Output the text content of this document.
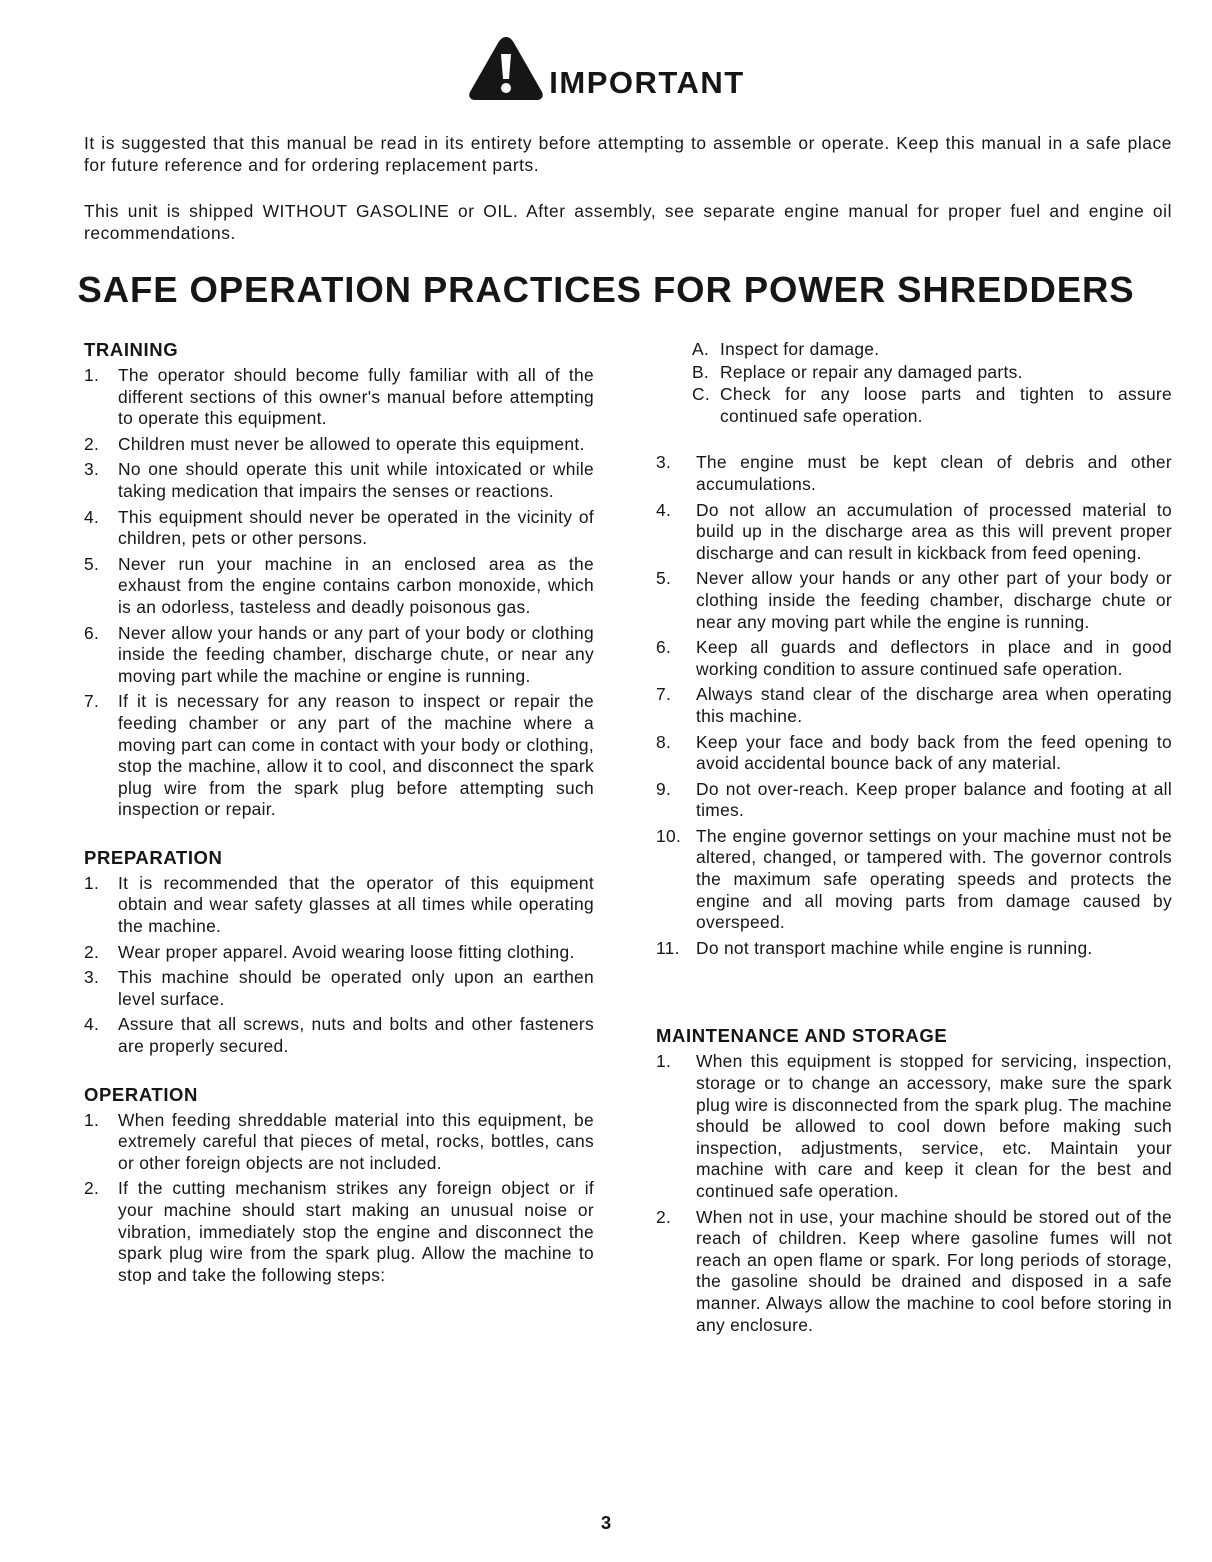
IMPORTANT

It is suggested that this manual be read in its entirety before attempting to assemble or operate. Keep this manual in a safe place for future reference and for ordering replacement parts.

This unit is shipped WITHOUT GASOLINE or OIL. After assembly, see separate engine manual for proper fuel and engine oil recommendations.

SAFE OPERATION PRACTICES FOR POWER SHREDDERS
TRAINING
1.	The operator should become fully familiar with all of the different sections of this owner's manual before attempting to operate this equipment.
2.	Children must never be allowed to operate this equipment.
3.	No one should operate this unit while intoxicated or while taking medication that impairs the senses or reactions.
4.	This equipment should never be operated in the vicinity of children, pets or other persons.
5.	Never run your machine in an enclosed area as the exhaust from the engine contains carbon monoxide, which is an odorless, tasteless and deadly poisonous gas.
6.	Never allow your hands or any part of your body or clothing inside the feeding chamber, discharge chute, or near any moving part while the machine or engine is running.
7.	If it is necessary for any reason to inspect or repair the feeding chamber or any part of the machine where a moving part can come in contact with your body or clothing, stop the machine, allow it to cool, and disconnect the spark plug wire from the spark plug before attempting such inspection or repair.
PREPARATION
1.	It is recommended that the operator of this equipment obtain and wear safety glasses at all times while operating the machine.
2.	Wear proper apparel. Avoid wearing loose fitting clothing.
3.	This machine should be operated only upon an earthen level surface.
4.	Assure that all screws, nuts and bolts and other fasteners are properly secured.
OPERATION
1.	When feeding shreddable material into this equipment, be extremely careful that pieces of metal, rocks, bottles, cans or other foreign objects are not included.
2.	If the cutting mechanism strikes any foreign object or if your machine should start making an unusual noise or vibration, immediately stop the engine and disconnect the spark plug wire from the spark plug. Allow the machine to stop and take the following steps:
A. Inspect for damage.
B. Replace or repair any damaged parts.
C. Check for any loose parts and tighten to assure continued safe operation.
3.	The engine must be kept clean of debris and other accumulations.
4.	Do not allow an accumulation of processed material to build up in the discharge area as this will prevent proper discharge and can result in kickback from feed opening.
5.	Never allow your hands or any other part of your body or clothing inside the feeding chamber, discharge chute or near any moving part while the engine is running.
6.	Keep all guards and deflectors in place and in good working condition to assure continued safe operation.
7.	Always stand clear of the discharge area when operating this machine.
8.	Keep your face and body back from the feed opening to avoid accidental bounce back of any material.
9.	Do not over-reach. Keep proper balance and footing at all times.
10. The engine governor settings on your machine must not be altered, changed, or tampered with. The governor controls the maximum safe operating speeds and protects the engine and all moving parts from damage caused by overspeed.
11. Do not transport machine while engine is running.
MAINTENANCE AND STORAGE
1.	When this equipment is stopped for servicing, inspection, storage or to change an accessory, make sure the spark plug wire is disconnected from the spark plug. The machine should be allowed to cool down before making such inspection, adjustments, service, etc. Maintain your machine with care and keep it clean for the best and continued safe operation.
2.	When not in use, your machine should be stored out of the reach of children. Keep where gasoline fumes will not reach an open flame or spark. For long periods of storage, the gasoline should be drained and disposed in a safe manner. Always allow the machine to cool before storing in any enclosure.
3
